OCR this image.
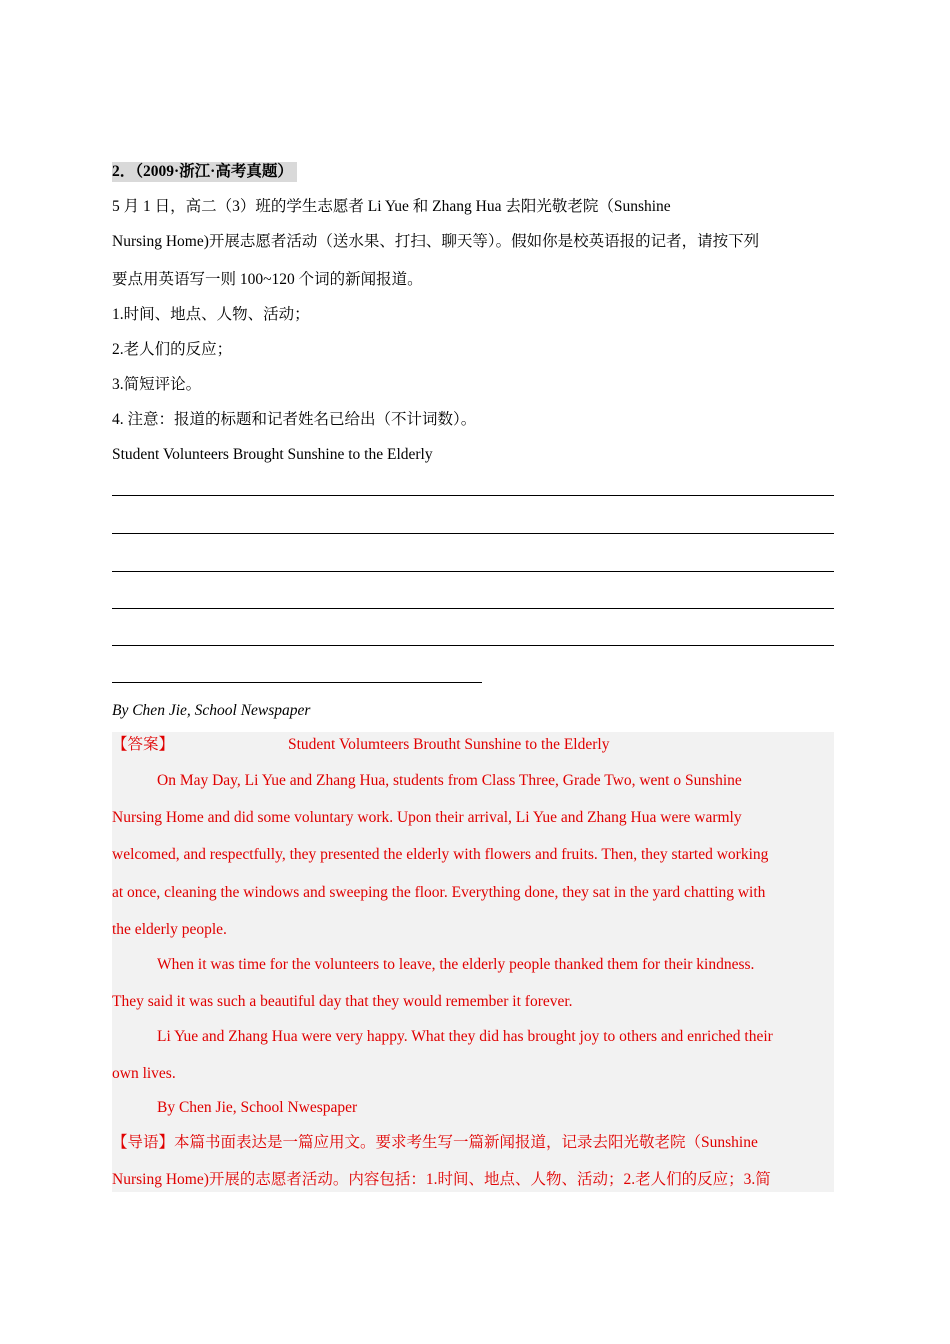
2．（2009·浙江·高考真题）
5 月 1 日，高二（3）班的学生志愿者 Li Yue 和 Zhang Hua 去阳光敬老院（Sunshine
Nursing Home)开展志愿者活动（送水果、打扫、聊天等）。假如你是校英语报的记者，请按下列
要点用英语写一则 100~120 个词的新闻报道。
1.时间、地点、人物、活动；
2.老人们的反应；
3.简短评论。
4. 注意：报道的标题和记者姓名已给出（不计词数）。
Student Volunteers Brought Sunshine to the Elderly
By Chen Jie, School Newspaper
【答案】	Student Volumteers Broutht Sunshine to the Elderly
On May Day, Li Yue and Zhang Hua, students from Class Three, Grade Two, went o Sunshine
Nursing Home and did some voluntary work. Upon their arrival, Li Yue and Zhang Hua were warmly
welcomed, and respectfully, they presented the elderly with flowers and fruits. Then, they started working
at once, cleaning the windows and sweeping the floor. Everything done, they sat in the yard chatting with
the elderly people.
When it was time for the volunteers to leave, the elderly people thanked them for their kindness.
They said it was such a beautiful day that they would remember it forever.
Li Yue and Zhang Hua were very happy. What they did has brought joy to others and enriched their
own lives.
By Chen Jie, School Nwespaper
【导语】本篇书面表达是一篇应用文。要求考生写一篇新闻报道，记录去阳光敬老院（Sunshine
Nursing Home)开展的志愿者活动。内容包括：1.时间、地点、人物、活动；2.老人们的反应；3.简
